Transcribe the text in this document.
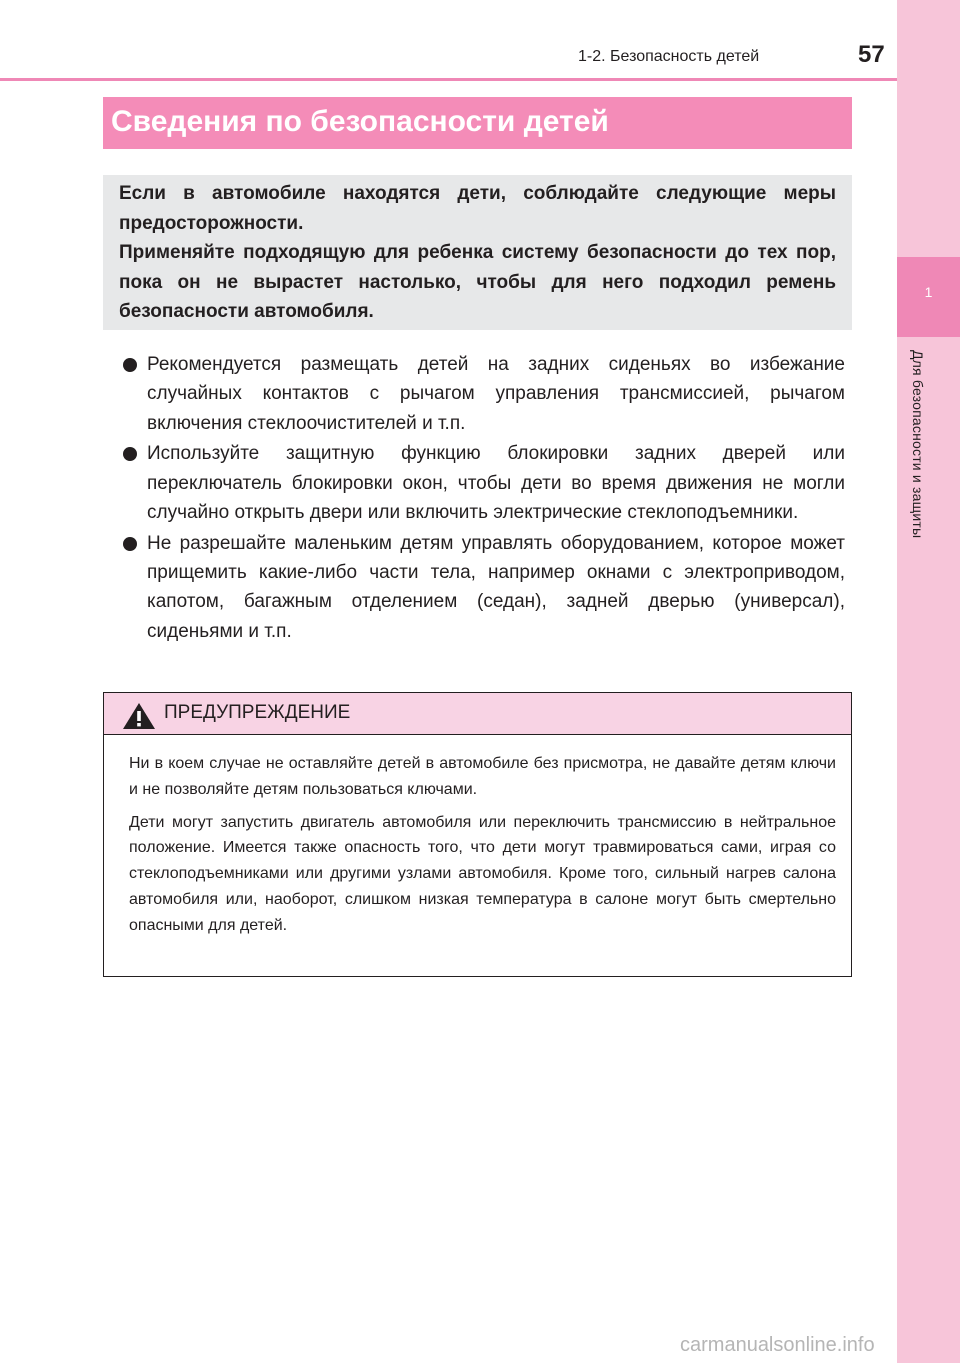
1
Для безопасности и защиты
1-2. Безопасность детей	57
Сведения по безопасности детей

Если в автомобиле находятся дети, соблюдайте следующие меры предосторожности.

Применяйте подходящую для ребенка систему безопасности до тех пор, пока он не вырастет настолько, чтобы для него подходил ремень безопасности автомобиля.

Рекомендуется размещать детей на задних сиденьях во избежание случайных контактов с рычагом управления трансмиссией, рычагом включения стеклоочистителей и т.п.
Используйте защитную функцию блокировки задних дверей или переключатель блокировки окон, чтобы дети во время движения не могли случайно открыть двери или включить электрические стеклоподъемники.
Не разрешайте маленьким детям управлять оборудованием, которое может прищемить какие-либо части тела, например окнами с электроприводом, капотом, багажным отделением (седан), задней дверью (универсал), сиденьями и т.п.
ПРЕДУПРЕЖДЕНИЕ

Ни в коем случае не оставляйте детей в автомобиле без присмотра, не давайте детям ключи и не позволяйте детям пользоваться ключами.

Дети могут запустить двигатель автомобиля или переключить трансмиссию в нейтральное положение. Имеется также опасность того, что дети могут травмироваться сами, играя со стеклоподъемниками или другими узлами автомобиля. Кроме того, сильный нагрев салона автомобиля или, наоборот, слишком низкая температура в салоне могут быть смертельно опасными для детей.

carmanualsonline.info
